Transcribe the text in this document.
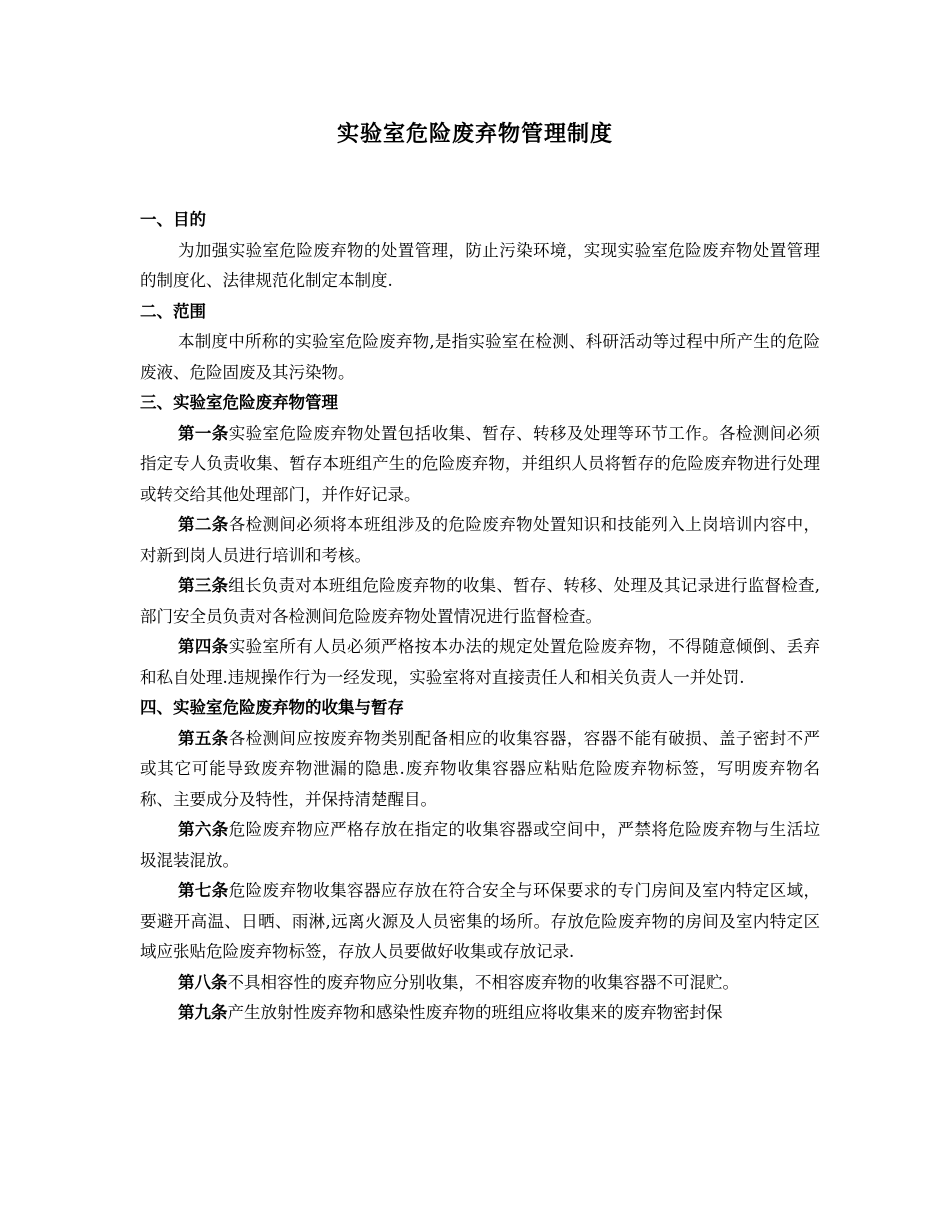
实验室危险废弃物管理制度
一、目的

为加强实验室危险废弃物的处置管理，防止污染环境，实现实验室危险废弃物处置管理的制度化、法律规范化制定本制度.

二、范围

本制度中所称的实验室危险废弃物,是指实验室在检测、科研活动等过程中所产生的危险废液、危险固废及其污染物。

三、实验室危险废弃物管理

第一条实验室危险废弃物处置包括收集、暂存、转移及处理等环节工作。各检测间必须指定专人负责收集、暂存本班组产生的危险废弃物，并组织人员将暂存的危险废弃物进行处理或转交给其他处理部门，并作好记录。

第二条各检测间必须将本班组涉及的危险废弃物处置知识和技能列入上岗培训内容中，对新到岗人员进行培训和考核。

第三条组长负责对本班组危险废弃物的收集、暂存、转移、处理及其记录进行监督检查,部门安全员负责对各检测间危险废弃物处置情况进行监督检查。

第四条实验室所有人员必须严格按本办法的规定处置危险废弃物，不得随意倾倒、丢弃和私自处理.违规操作行为一经发现，实验室将对直接责任人和相关负责人一并处罚.

四、实验室危险废弃物的收集与暂存

第五条各检测间应按废弃物类别配备相应的收集容器，容器不能有破损、盖子密封不严或其它可能导致废弃物泄漏的隐患.废弃物收集容器应粘贴危险废弃物标签，写明废弃物名称、主要成分及特性，并保持清楚醒目。

第六条危险废弃物应严格存放在指定的收集容器或空间中，严禁将危险废弃物与生活垃圾混装混放。

第七条危险废弃物收集容器应存放在符合安全与环保要求的专门房间及室内特定区域，要避开高温、日晒、雨淋,远离火源及人员密集的场所。存放危险废弃物的房间及室内特定区域应张贴危险废弃物标签，存放人员要做好收集或存放记录.

第八条不具相容性的废弃物应分别收集，不相容废弃物的收集容器不可混贮。

第九条产生放射性废弃物和感染性废弃物的班组应将收集来的废弃物密封保
